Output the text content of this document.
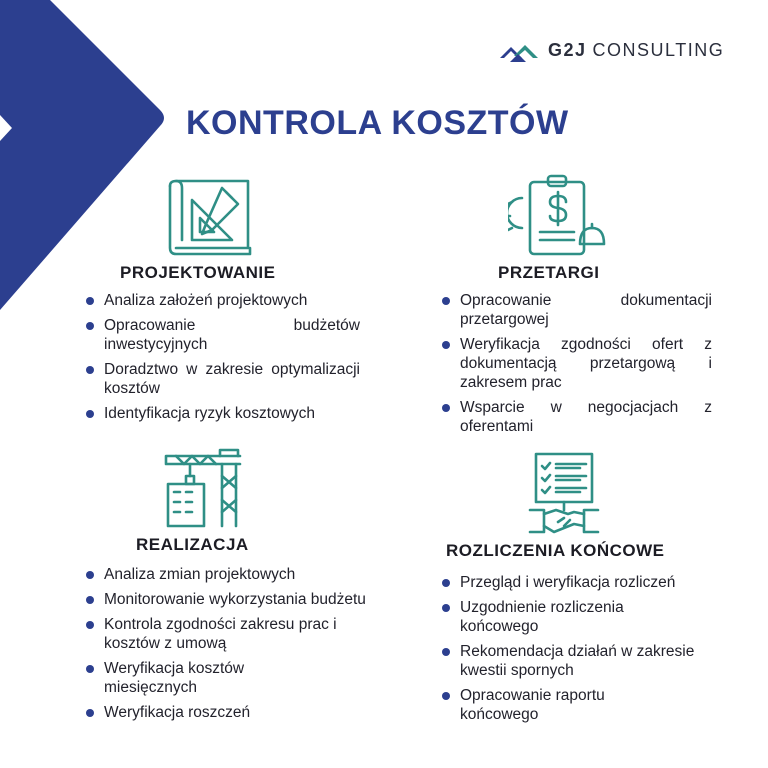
G2J CONSULTING
KONTROLA KOSZTÓW
PROJEKTOWANIE
Analiza założeń projektowych
Opracowanie budżetów inwestycyjnych
Doradztwo w zakresie optymalizacji kosztów
Identyfikacja ryzyk kosztowych
PRZETARGI
Opracowanie dokumentacji przetargowej
Weryfikacja zgodności ofert z dokumentacją przetargową i zakresem prac
Wsparcie w negocjacjach z oferentami
REALIZACJA
Analiza zmian projektowych
Monitorowanie wykorzystania budżetu
Kontrola zgodności zakresu prac i kosztów z umową
Weryfikacja kosztów miesięcznych
Weryfikacja roszczeń
ROZLICZENIA KOŃCOWE
Przegląd i weryfikacja rozliczeń
Uzgodnienie rozliczenia końcowego
Rekomendacja działań w zakresie kwestii spornych
Opracowanie raportu końcowego
